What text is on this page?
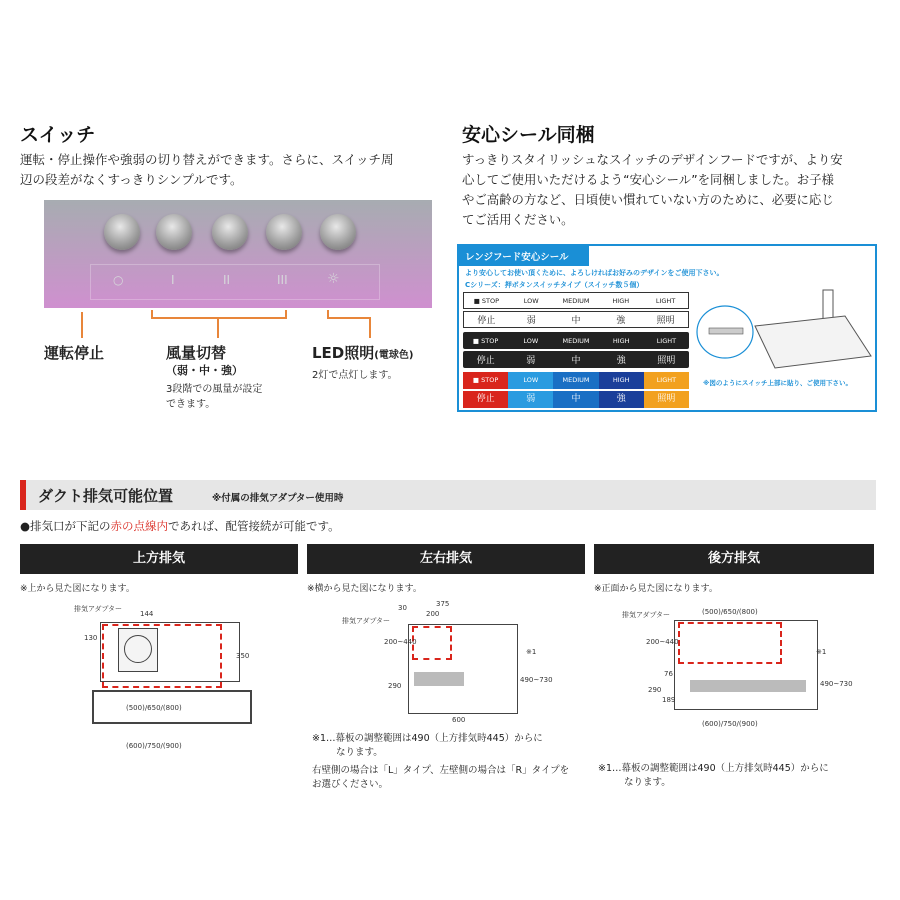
スイッチ
運転・停止操作や強弱の切り替えができます。さらに、スイッチ周
辺の段差がなくすっきりシンプルです。
○	I	II	III	☼
運転停止	風量切替
（弱・中・強）
3段階での風量が設定
できます。
LED照明(電球色)
2灯で点灯します。
安心シール同梱
すっきりスタイリッシュなスイッチのデザインフードですが、より安
心してご使用いただけるよう“安心シール”を同梱しました。お子様
やご高齢の方など、日頃使い慣れていない方のために、必要に応じ
てご活用ください。
レンジフード安心シール
より安心してお使い頂くために、よろしければお好みのデザインをご使用下さい。
Cシリーズ：押ボタンスイッチタイプ（スイッチ数５個）
■ STOP	LOW	MEDIUM	HIGH	LIGHT
停止	弱	中	強	照明
■ STOP	LOW	MEDIUM	HIGH	LIGHT
停止	弱	中	強	照明
■ STOP	LOW	MEDIUM	HIGH	LIGHT
停止	弱	中	強	照明
※図のようにスイッチ上部に貼り、ご使用下さい。
ダクト排気可能位置	※付属の排気アダプター使用時
●排気口が下記の赤の点線内であれば、配管接続が可能です。
上方排気	左右排気	後方排気
※上から見た図になります。	※横から見た図になります。	※正面から見た図になります。
排気アダプター
144
130
350
(500)/650/(800)
(600)/750/(900)
排気アダプター
375
30
200
200~440
290
490~730
※1
600
排気アダプター	(500)/650/(800)
200~440
290
76
189
490~730
※1
(600)/750/(900)
※1…幕板の調整範囲は490（上方排気時445）からに
なります。
右壁側の場合は「L」タイプ、左壁側の場合は「R」タイプを
お選びください。
※1…幕板の調整範囲は490（上方排気時445）からに
なります。
